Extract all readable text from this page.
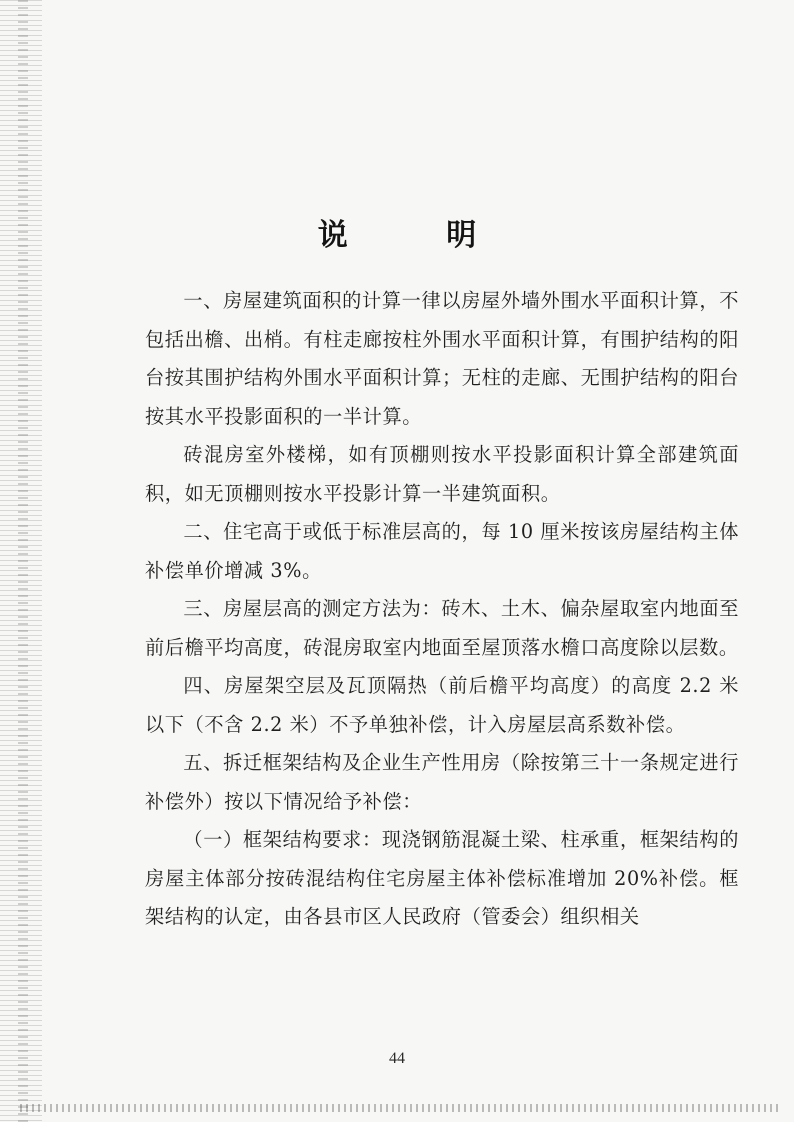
说 明

一、房屋建筑面积的计算一律以房屋外墙外围水平面积计算，不包括出檐、出梢。有柱走廊按柱外围水平面积计算，有围护结构的阳台按其围护结构外围水平面积计算；无柱的走廊、无围护结构的阳台按其水平投影面积的一半计算。

砖混房室外楼梯，如有顶棚则按水平投影面积计算全部建筑面积，如无顶棚则按水平投影计算一半建筑面积。

二、住宅高于或低于标准层高的，每 10 厘米按该房屋结构主体补偿单价增减 3%。

三、房屋层高的测定方法为：砖木、土木、偏杂屋取室内地面至前后檐平均高度，砖混房取室内地面至屋顶落水檐口高度除以层数。

四、房屋架空层及瓦顶隔热（前后檐平均高度）的高度 2.2 米以下（不含 2.2 米）不予单独补偿，计入房屋层高系数补偿。

五、拆迁框架结构及企业生产性用房（除按第三十一条规定进行补偿外）按以下情况给予补偿：

（一）框架结构要求：现浇钢筋混凝土梁、柱承重，框架结构的房屋主体部分按砖混结构住宅房屋主体补偿标准增加 20%补偿。框架结构的认定，由各县市区人民政府（管委会）组织相关

44
